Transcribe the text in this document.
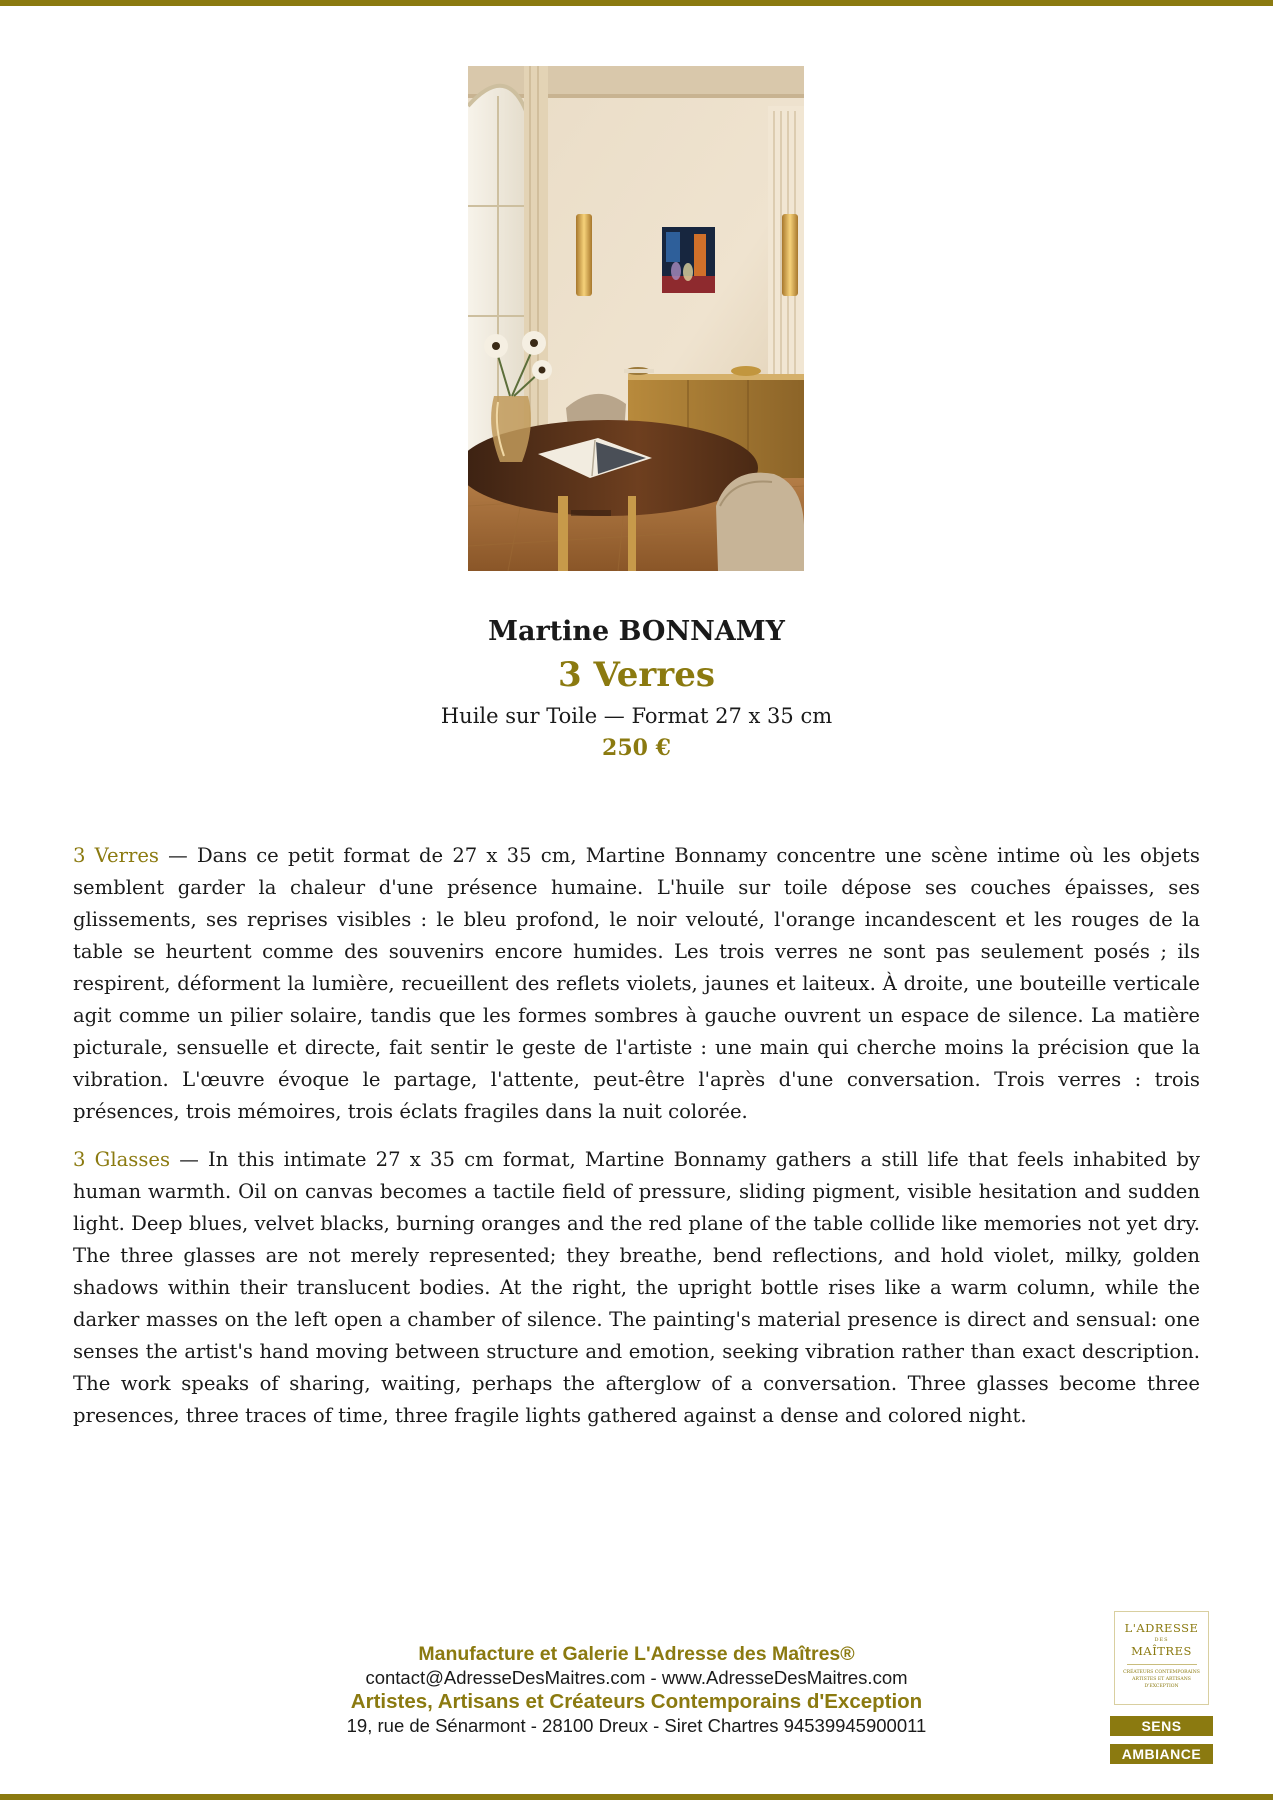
Martine BONNAMY
3 Verres
Huile sur Toile — Format 27 x 35 cm
250 €

3 Verres — Dans ce petit format de 27 x 35 cm, Martine Bonnamy concentre une scène intime où les objets semblent garder la chaleur d'une présence humaine. L'huile sur toile dépose ses couches épaisses, ses glissements, ses reprises visibles : le bleu profond, le noir velouté, l'orange incandescent et les rouges de la table se heurtent comme des souvenirs encore humides. Les trois verres ne sont pas seulement posés ; ils respirent, déforment la lumière, recueillent des reflets violets, jaunes et laiteux. À droite, une bouteille verticale agit comme un pilier solaire, tandis que les formes sombres à gauche ouvrent un espace de silence. La matière picturale, sensuelle et directe, fait sentir le geste de l'artiste : une main qui cherche moins la précision que la vibration. L'œuvre évoque le partage, l'attente, peut-être l'après d'une conversation. Trois verres : trois présences, trois mémoires, trois éclats fragiles dans la nuit colorée.

3 Glasses — In this intimate 27 x 35 cm format, Martine Bonnamy gathers a still life that feels inhabited by human warmth. Oil on canvas becomes a tactile field of pressure, sliding pigment, visible hesitation and sudden light. Deep blues, velvet blacks, burning oranges and the red plane of the table collide like memories not yet dry. The three glasses are not merely represented; they breathe, bend reflections, and hold violet, milky, golden shadows within their translucent bodies. At the right, the upright bottle rises like a warm column, while the darker masses on the left open a chamber of silence. The painting's material presence is direct and sensual: one senses the artist's hand moving between structure and emotion, seeking vibration rather than exact description. The work speaks of sharing, waiting, perhaps the afterglow of a conversation. Three glasses become three presences, three traces of time, three fragile lights gathered against a dense and colored night.

Manufacture et Galerie L'Adresse des Maîtres®
contact@AdresseDesMaitres.com - www.AdresseDesMaitres.com
Artistes, Artisans et Créateurs Contemporains d'Exception
19, rue de Sénarmont - 28100 Dreux - Siret Chartres 94539945900011
L'ADRESSE
DES
MAÎTRES
CRÉATEURS CONTEMPORAINS ARTISTES ET ARTISANS D'EXCEPTION
SENS
AMBIANCE
